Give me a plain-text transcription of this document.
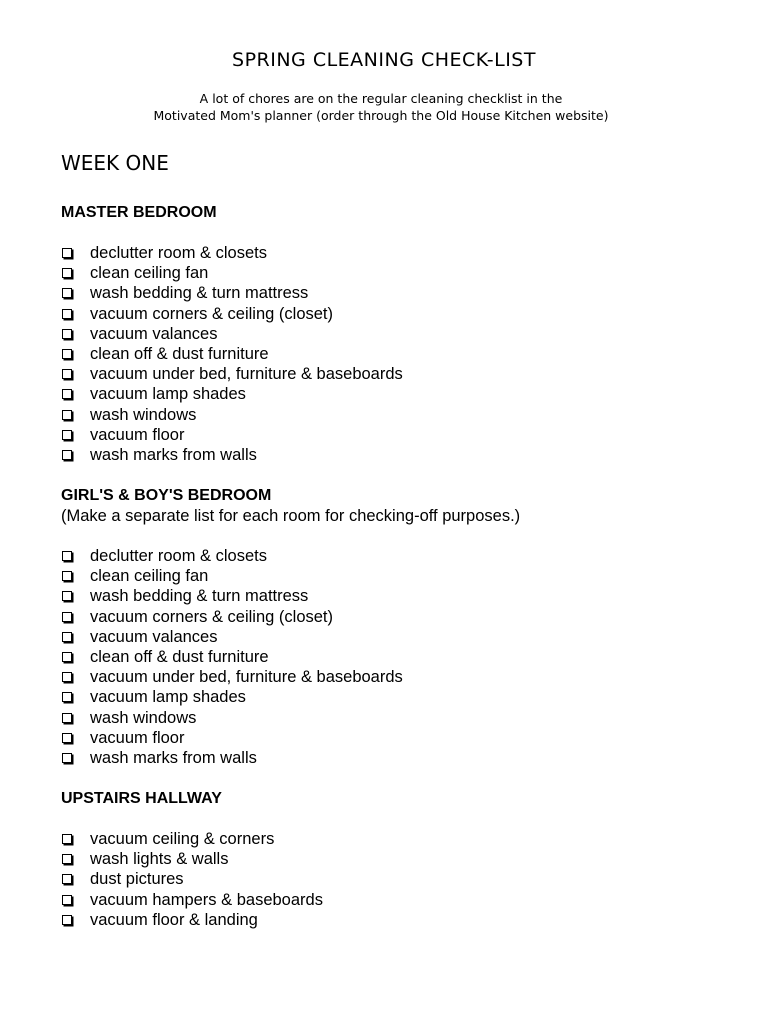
SPRING CLEANING CHECK-LIST
A lot of chores are on the regular cleaning checklist in the
Motivated Mom's planner (order through the Old House Kitchen website)
WEEK ONE
MASTER BEDROOM
declutter room & closets
clean ceiling fan
wash bedding & turn mattress
vacuum corners & ceiling (closet)
vacuum valances
clean off & dust furniture
vacuum under bed, furniture & baseboards
vacuum lamp shades
wash windows
vacuum floor
wash marks from walls
GIRL'S & BOY'S BEDROOM
(Make a separate list for each room for checking-off purposes.)
declutter room & closets
clean ceiling fan
wash bedding & turn mattress
vacuum corners & ceiling (closet)
vacuum valances
clean off & dust furniture
vacuum under bed, furniture & baseboards
vacuum lamp shades
wash windows
vacuum floor
wash marks from walls
UPSTAIRS HALLWAY
vacuum ceiling & corners
wash lights & walls
dust pictures
vacuum hampers & baseboards
vacuum floor & landing
